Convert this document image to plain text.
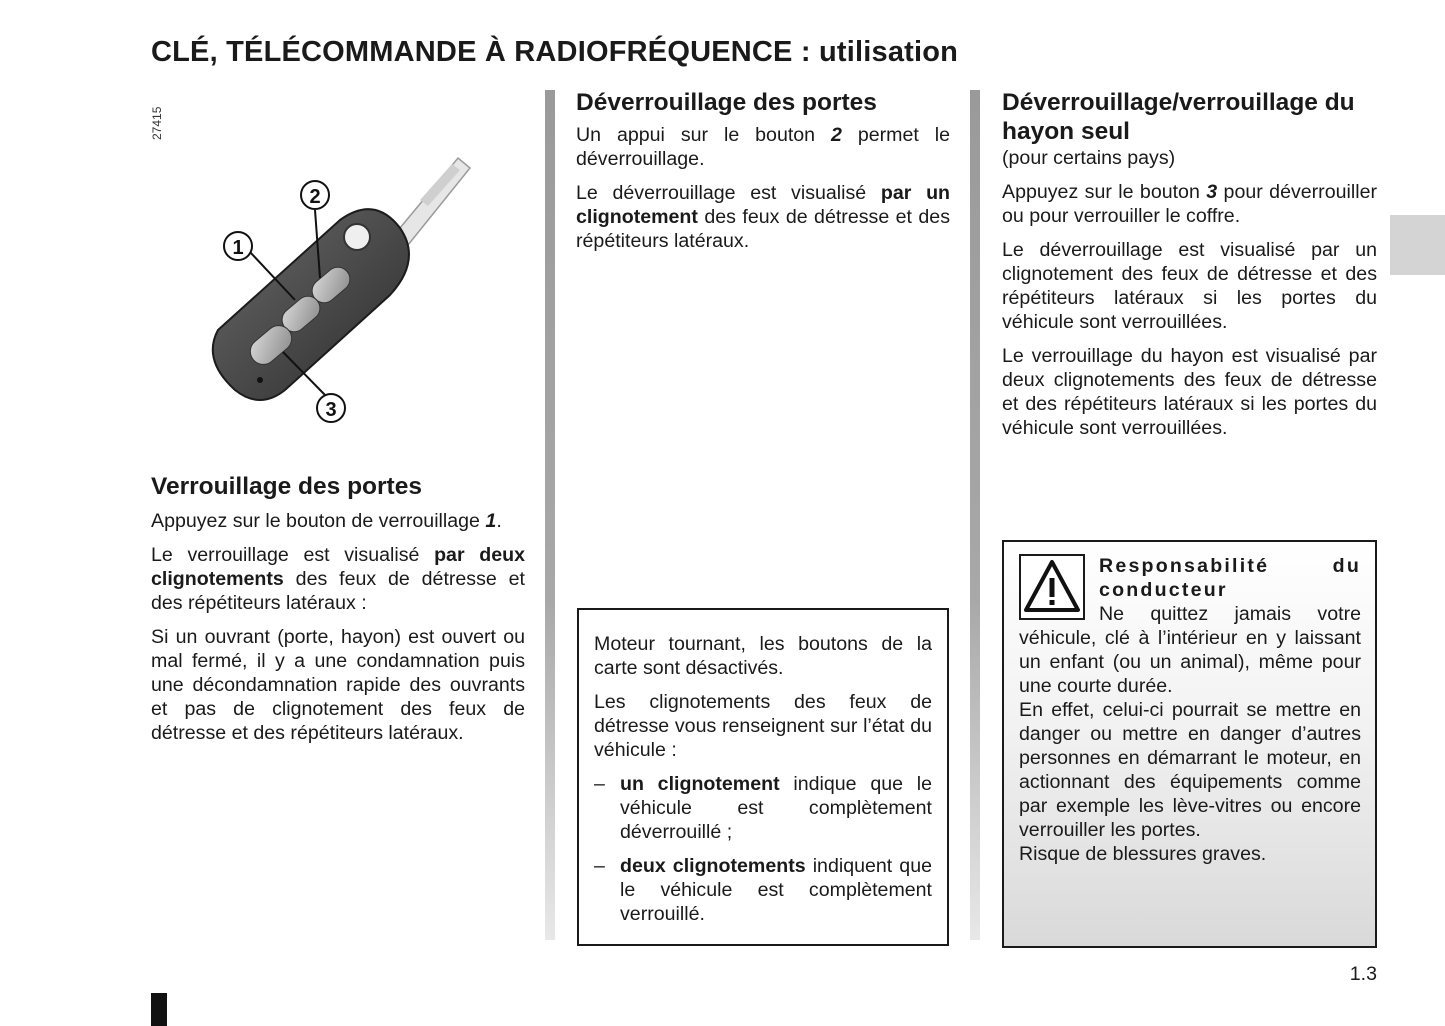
CLÉ, TÉLÉCOMMANDE À RADIOFRÉQUENCE : utilisation
27415
2
1
3
Verrouillage des portes

Appuyez sur le bouton de verrouillage 1.

Le verrouillage est visualisé par deux clignotements des feux de détresse et des répétiteurs latéraux :

Si un ouvrant (porte, hayon) est ouvert ou mal fermé, il y a une condamnation puis une décondamnation rapide des ouvrants et pas de clignotement des feux de détresse et des répétiteurs latéraux.

Déverrouillage des portes

Un appui sur le bouton 2 permet le déverrouillage.

Le déverrouillage est visualisé par un clignotement des feux de détresse et des répétiteurs latéraux.

Moteur tournant, les boutons de la carte sont désactivés.

Les clignotements des feux de détresse vous renseignent sur l’état du véhicule :

– un clignotement indique que le véhicule est complètement déverrouillé ;
– deux clignotements indiquent que le véhicule est complètement verrouillé.
Déverrouillage/verrouillage du hayon seul
(pour certains pays)

Appuyez sur le bouton 3 pour déverrouiller ou pour verrouiller le coffre.

Le déverrouillage est visualisé par un clignotement des feux de détresse et des répétiteurs latéraux si les portes du véhicule sont verrouillées.

Le verrouillage du hayon est visualisé par deux clignotements des feux de détresse et des répétiteurs latéraux si les portes du véhicule sont verrouillées.

Responsabilité du conducteur
Ne quittez jamais votre véhicule, clé à l’intérieur en y laissant un enfant (ou un animal), même pour une courte durée.
En effet, celui-ci pourrait se mettre en danger ou mettre en danger d’autres personnes en démarrant le moteur, en actionnant des équipements comme par exemple les lève-vitres ou encore verrouiller les portes.
Risque de blessures graves.
1.3
